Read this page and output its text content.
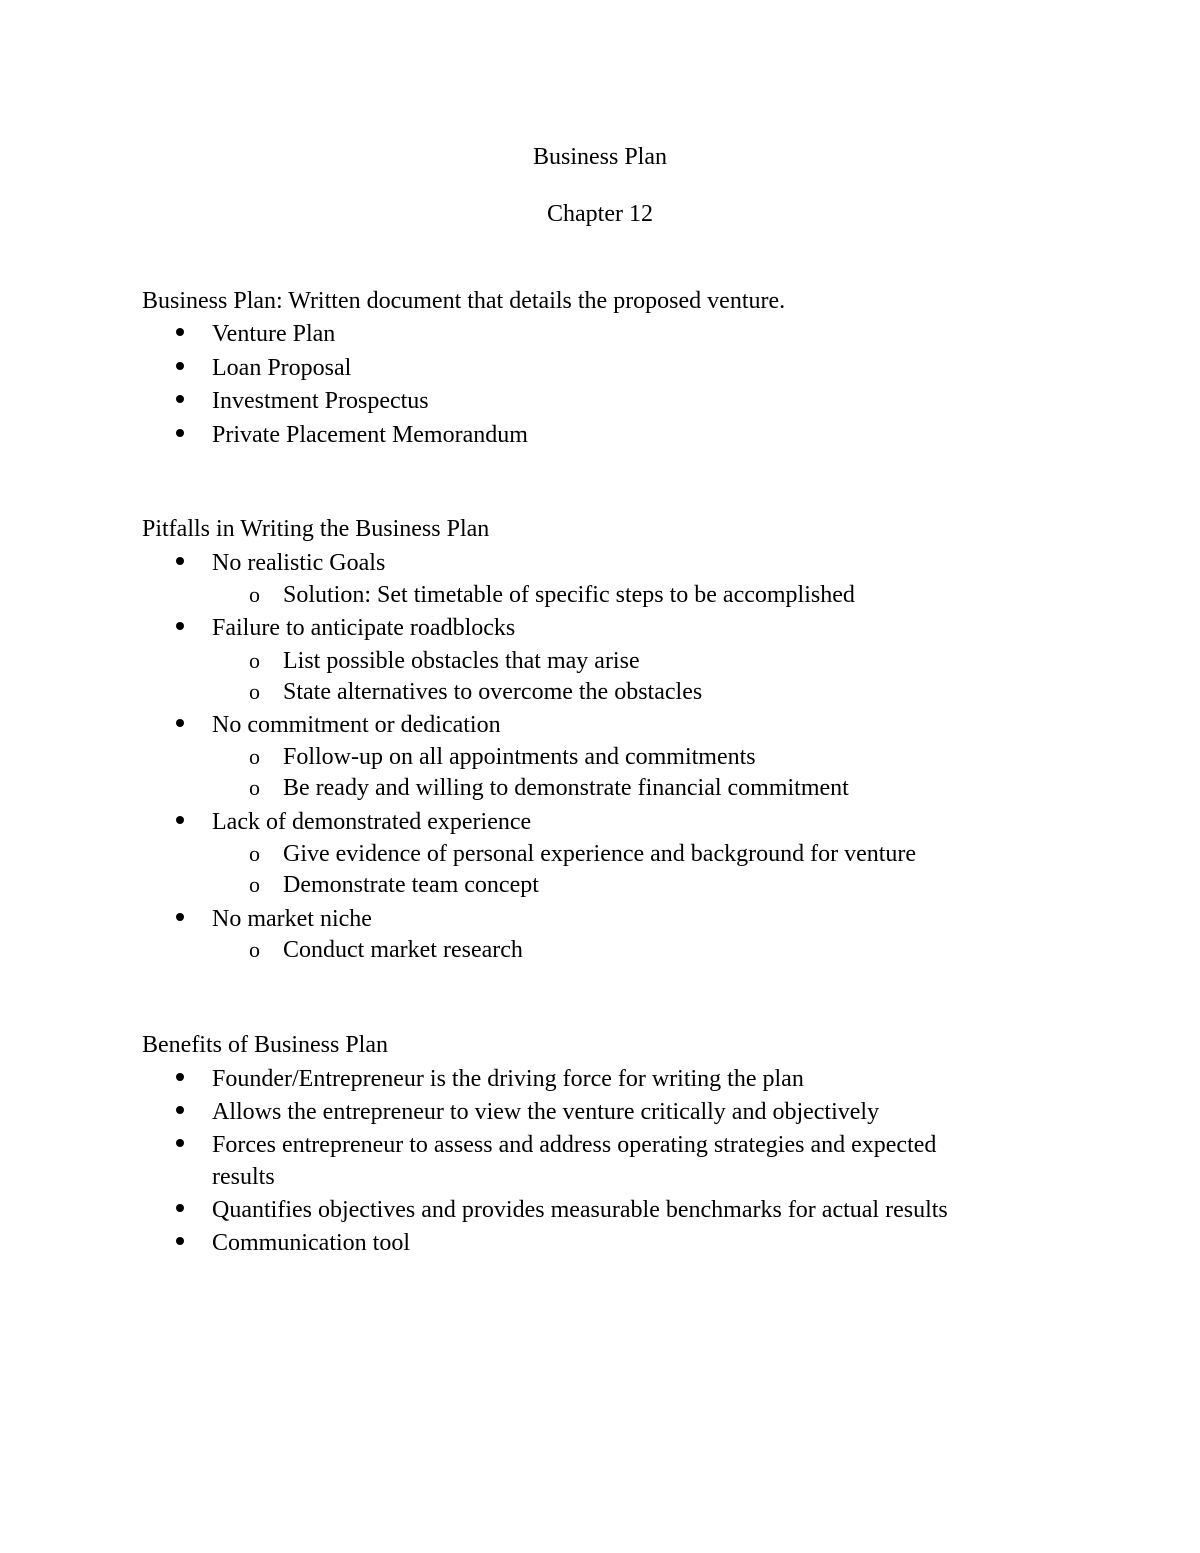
Business Plan
Chapter 12
Business Plan: Written document that details the proposed venture.
Venture Plan
Loan Proposal
Investment Prospectus
Private Placement Memorandum
Pitfalls in Writing the Business Plan
No realistic Goals
o Solution: Set timetable of specific steps to be accomplished
Failure to anticipate roadblocks
o List possible obstacles that may arise
o State alternatives to overcome the obstacles
No commitment or dedication
o Follow-up on all appointments and commitments
o Be ready and willing to demonstrate financial commitment
Lack of demonstrated experience
o Give evidence of personal experience and background for venture
o Demonstrate team concept
No market niche
o Conduct market research
Benefits of Business Plan
Founder/Entrepreneur is the driving force for writing the plan
Allows the entrepreneur to view the venture critically and objectively
Forces entrepreneur to assess and address operating strategies and expected
results
Quantifies objectives and provides measurable benchmarks for actual results
Communication tool
